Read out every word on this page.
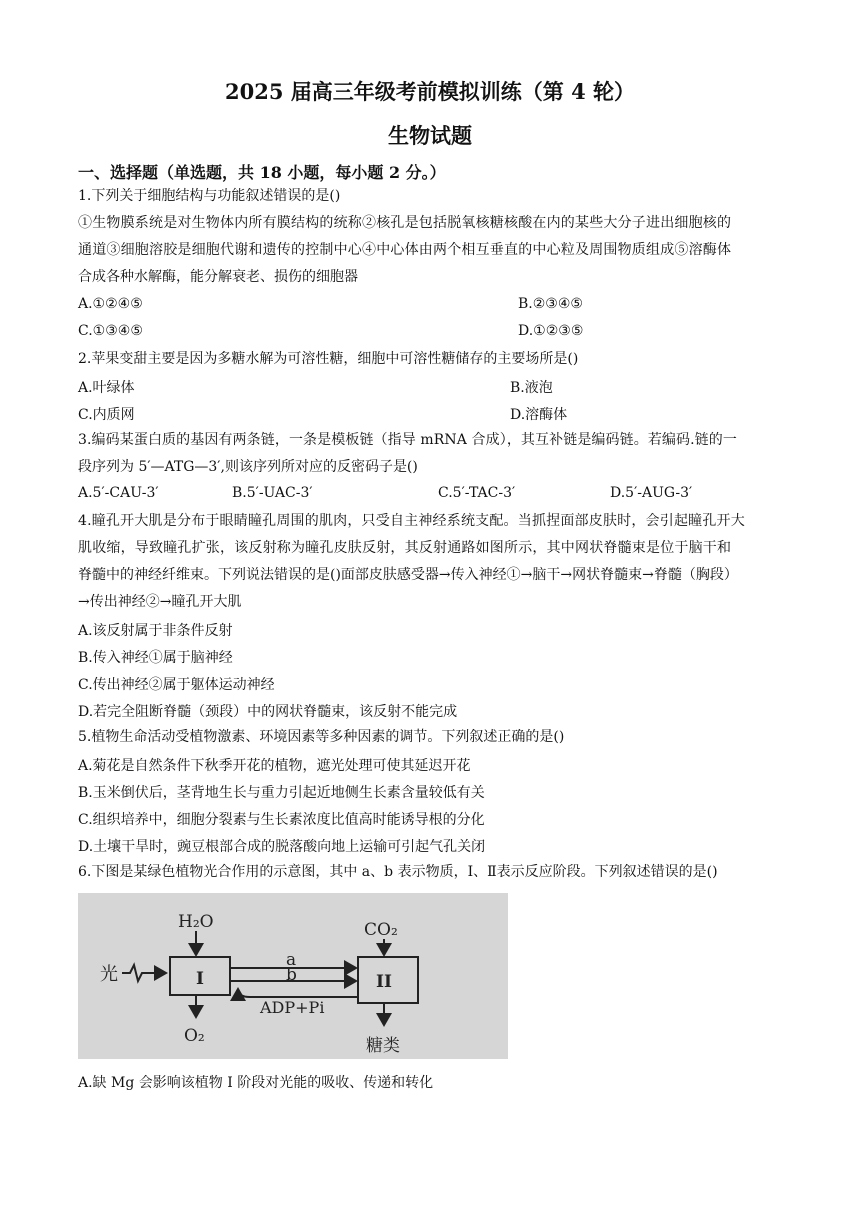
2025 届高三年级考前模拟训练（第 4 轮）
生物试题
一、选择题（单选题，共 18 小题，每小题 2 分。）
1.下列关于细胞结构与功能叙述错误的是()
①生物膜系统是对生物体内所有膜结构的统称②核孔是包括脱氧核糖核酸在内的某些大分子进出细胞核的
通道③细胞溶胶是细胞代谢和遗传的控制中心④中心体由两个相互垂直的中心粒及周围物质组成⑤溶酶体
合成各种水解酶，能分解衰老、损伤的细胞器
A.①②④⑤	B.②③④⑤
C.①③④⑤	D.①②③⑤
2.苹果变甜主要是因为多糖水解为可溶性糖，细胞中可溶性糖储存的主要场所是()
A.叶绿体	B.液泡
C.内质网	D.溶酶体
3.编码某蛋白质的基因有两条链，一条是模板链（指导 mRNA 合成），其互补链是编码链。若编码.链的一
段序列为 5′—ATG—3′,则该序列所对应的反密码子是()
A.5′-CAU-3′	B.5′-UAC-3′	C.5′-TAC-3′	D.5′-AUG-3′
4.瞳孔开大肌是分布于眼睛瞳孔周围的肌肉，只受自主神经系统支配。当抓捏面部皮肤时，会引起瞳孔开大
肌收缩，导致瞳孔扩张，该反射称为瞳孔皮肤反射，其反射通路如图所示，其中网状脊髓束是位于脑干和
脊髓中的神经纤维束。下列说法错误的是()面部皮肤感受器→传入神经①→脑干→网状脊髓束→脊髓（胸段）
→传出神经②→瞳孔开大肌
A.该反射属于非条件反射
B.传入神经①属于脑神经
C.传出神经②属于躯体运动神经
D.若完全阻断脊髓（颈段）中的网状脊髓束，该反射不能完成
5.植物生命活动受植物激素、环境因素等多种因素的调节。下列叙述正确的是()
A.菊花是自然条件下秋季开花的植物，遮光处理可使其延迟开花
B.玉米倒伏后，茎背地生长与重力引起近地侧生长素含量较低有关
C.组织培养中，细胞分裂素与生长素浓度比值高时能诱导根的分化
D.土壤干旱时，豌豆根部合成的脱落酸向地上运输可引起气孔关闭
6.下图是某绿色植物光合作用的示意图，其中 a、b 表示物质，Ⅰ、Ⅱ表示反应阶段。下列叙述错误的是()
H₂O
光	I
O₂
a
b
ADP+Pi
II
CO₂
糖类
A.缺 Mg 会影响该植物 I 阶段对光能的吸收、传递和转化
